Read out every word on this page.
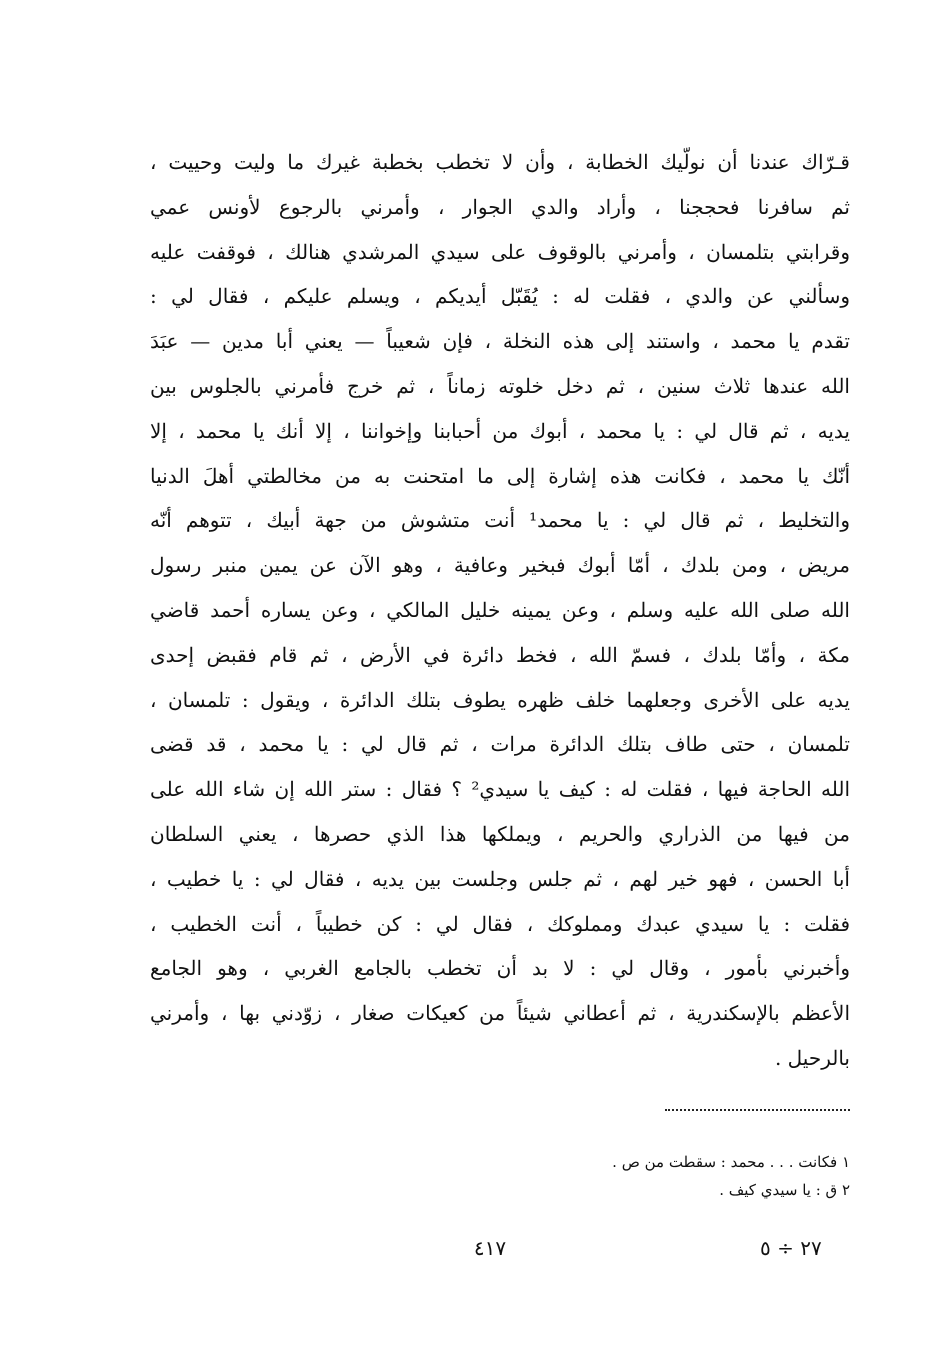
قـرّاك عندنا أن نولّيك الخطابة ، وأن لا تخطب بخطبة غيرك ما وليت وحييت ،
ثم سافرنا فحججنا ، وأراد والدي الجوار ، وأمرني بالرجوع لأونس عمي
وقرابتي بتلمسان ، وأمرني بالوقوف على سيدي المرشدي هنالك ، فوقفت عليه
وسألني عن والدي ، فقلت له : يُقَبّل أيديكم ، ويسلم عليكم ، فقال لي :
تقدم يا محمد ، واستند إلى هذه النخلة ، فإن شعيباً — يعني أبا مدين — عبَدَ
الله عندها ثلاث سنين ، ثم دخل خلوته زماناً ، ثم خرج فأمرني بالجلوس بين
يديه ، ثم قال لي : يا محمد ، أبوك من أحبابنا وإخواننا ، إلا أنك يا محمد ، إلا
أنّك يا محمد ، فكانت هذه إشارة إلى ما امتحنت به من مخالطتي أهلَ الدنيا
والتخليط ، ثم قال لي : يا محمد¹ أنت متشوش من جهة أبيك ، تتوهم أنّه
مريض ، ومن بلدك ، أمّا أبوك فبخير وعافية ، وهو الآن عن يمين منبر رسول
الله صلى الله عليه وسلم ، وعن يمينه خليل المالكي ، وعن يساره أحمد قاضي
مكة ، وأمّا بلدك ، فسمّ الله ، فخط دائرة في الأرض ، ثم قام فقبض إحدى
يديه على الأخرى وجعلهما خلف ظهره يطوف بتلك الدائرة ، ويقول : تلمسان ،
تلمسان ، حتى طاف بتلك الدائرة مرات ، ثم قال لي : يا محمد ، قد قضى
الله الحاجة فيها ، فقلت له : كيف يا سيدي² ؟ فقال : ستر الله إن شاء الله على
من فيها من الذراري والحريم ، ويملكها هذا الذي حصرها ، يعني السلطان
أبا الحسن ، فهو خير لهم ، ثم جلس وجلست بين يديه ، فقال لي : يا خطيب ،
فقلت : يا سيدي عبدك ومملوكك ، فقال لي : كن خطيباً ، أنت الخطيب ،
وأخبرني بأمور ، وقال لي : لا بد أن تخطب بالجامع الغربي ، وهو الجامع
الأعظم بالإسكندرية ، ثم أعطاني شيئاً من كعيكات صغار ، زوّدني بها ، وأمرني
بالرحيل .
١ فكانت . . . محمد : سقطت من ص .
٢ ق : يا سيدي كيف .
٤١٧	٢٧ ÷ ٥
